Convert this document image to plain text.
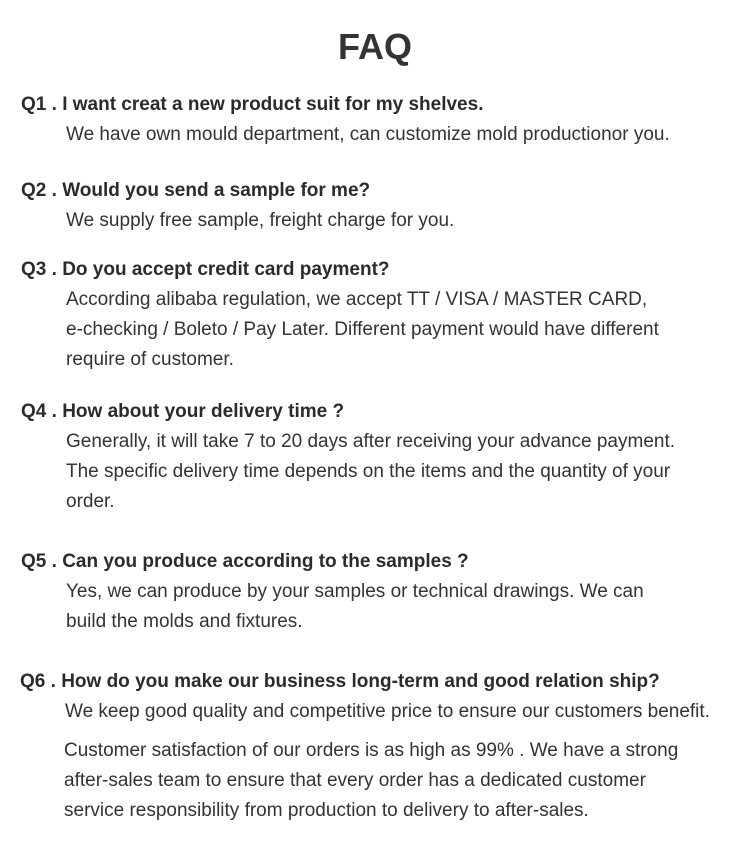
FAQ
Q1 . I want creat a new product suit for my shelves.
We have own mould department, can customize mold productionor you.
Q2 . Would you send a sample for me?
We supply free sample, freight charge for you.
Q3 . Do you accept credit card payment?
According alibaba regulation, we accept TT / VISA / MASTER CARD,
e-checking / Boleto / Pay Later. Different payment would have different
require of customer.
Q4 . How about your delivery time ?
Generally, it will take 7 to 20 days after receiving your advance payment.
The specific delivery time depends on the items and the quantity of your
order.
Q5 . Can you produce according to the samples ?
Yes, we can produce by your samples or technical drawings. We can
build the molds and fixtures.
Q6 . How do you make our business long-term and good relation ship?
We keep good quality and competitive price to ensure our customers benefit.
Customer satisfaction of our orders is as high as 99% . We have a strong
after-sales team to ensure that every order has a dedicated customer
service responsibility from production to delivery to after-sales.
